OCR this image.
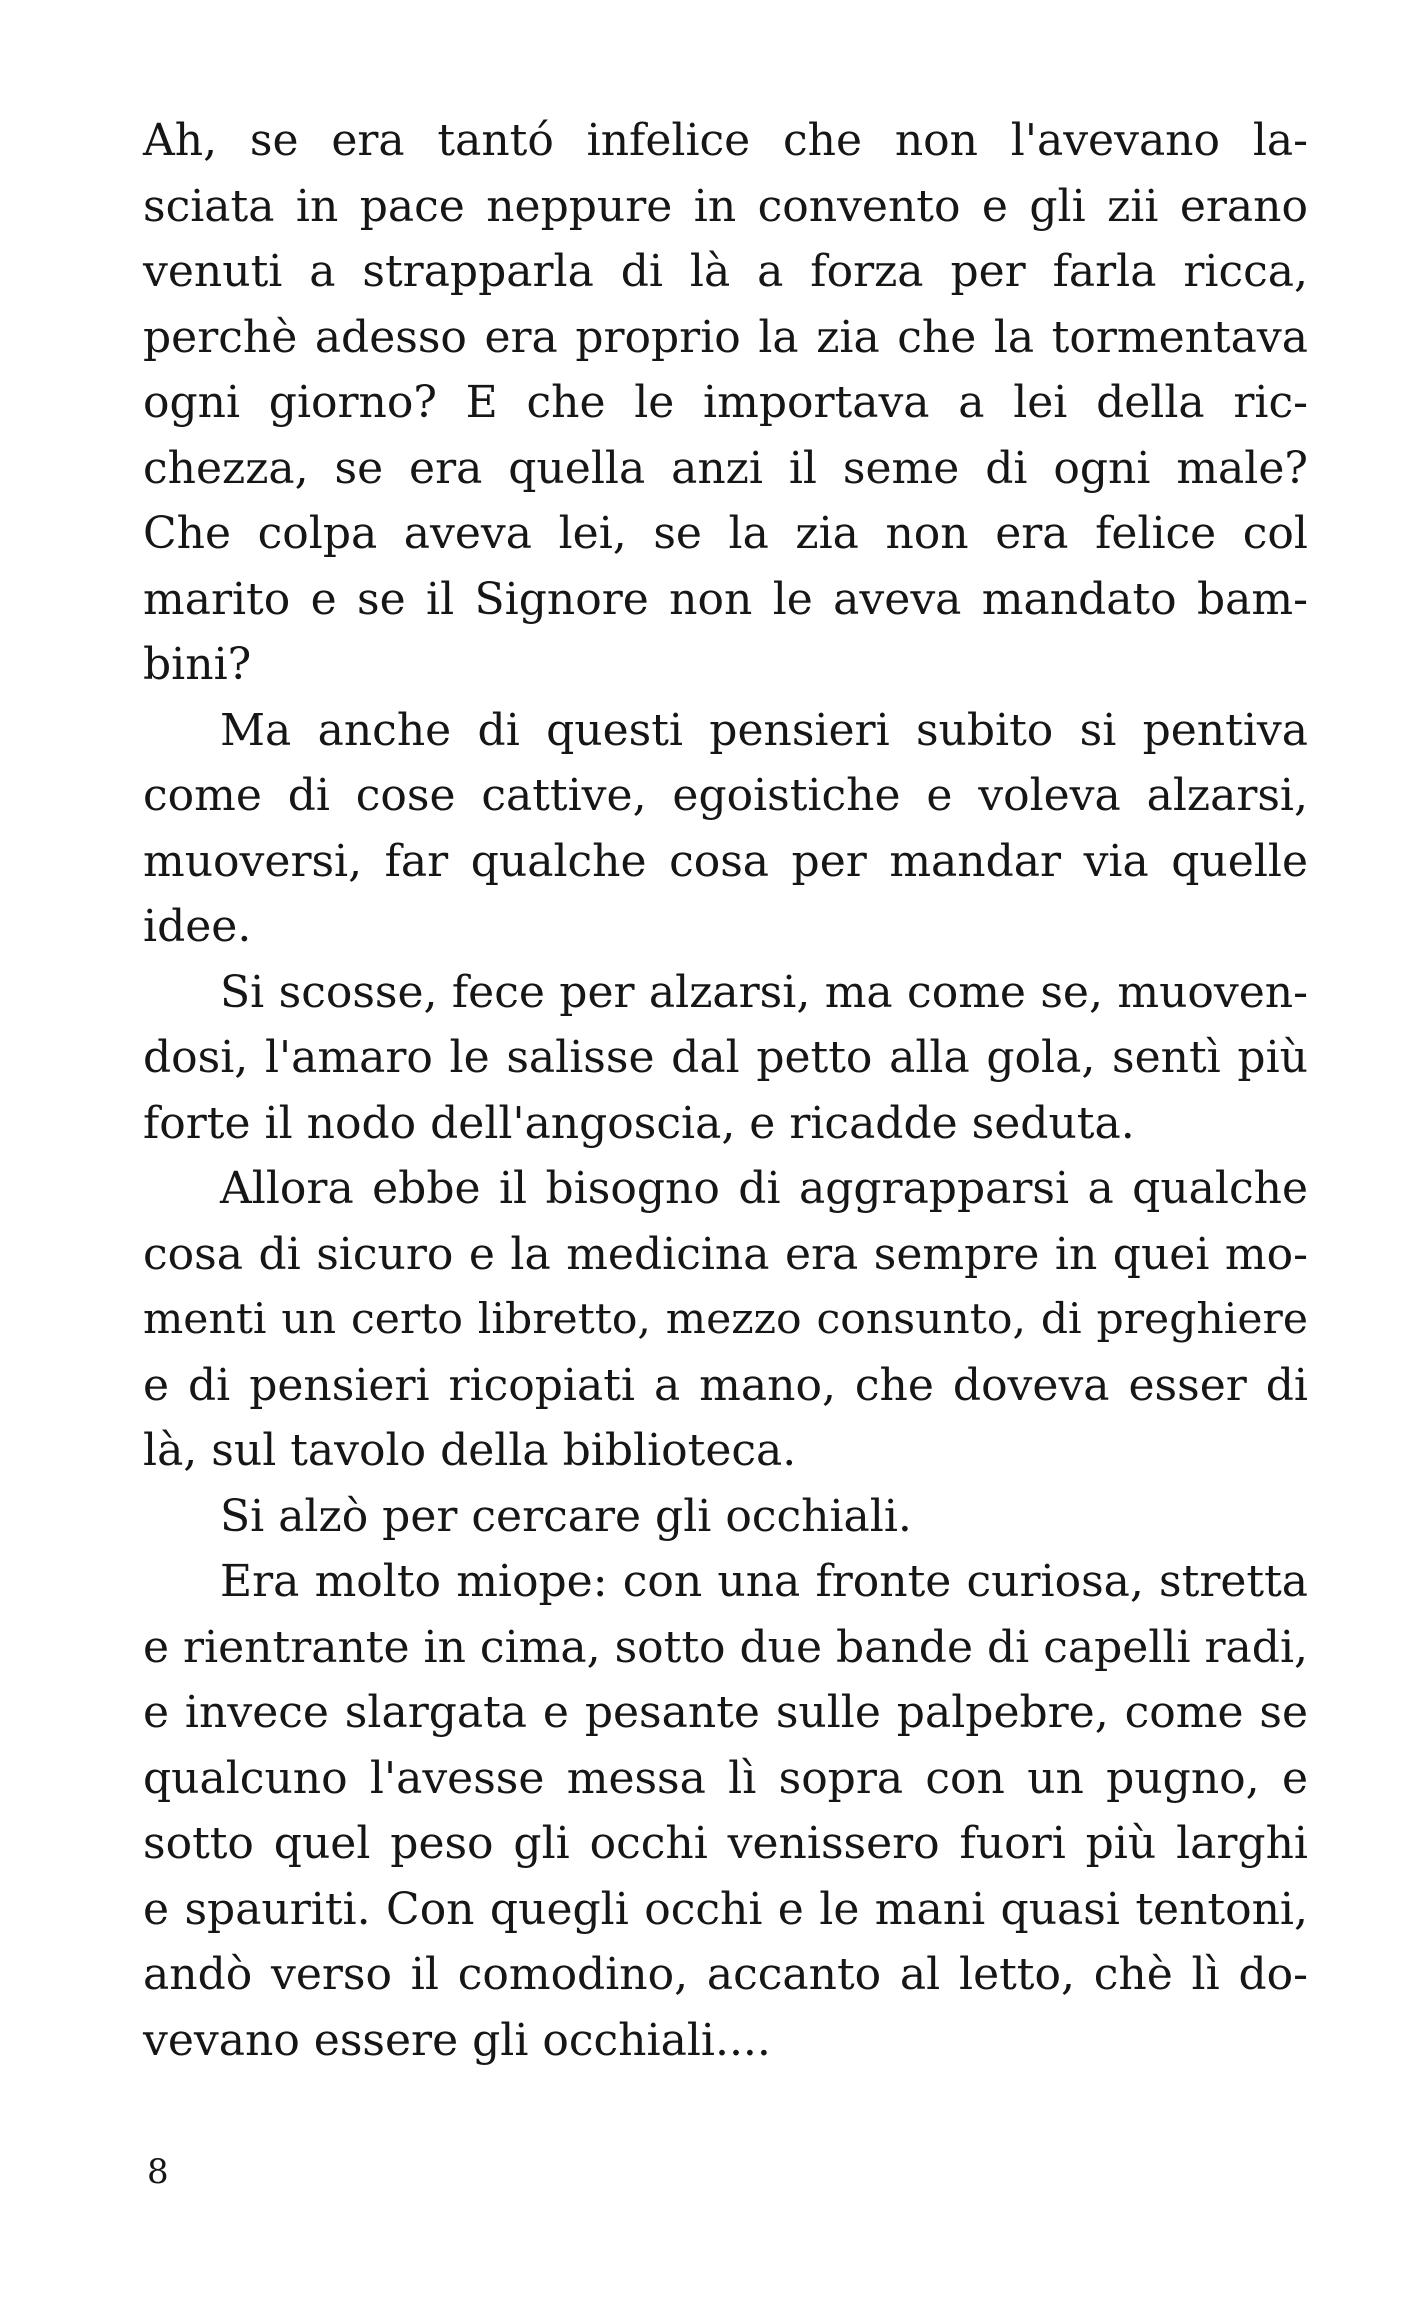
Ah, se era tantó infelice che non l'avevano la-
sciata in pace neppure in convento e gli zii erano
venuti a strapparla di là a forza per farla ricca,
perchè adesso era proprio la zia che la tormentava
ogni giorno? E che le importava a lei della ric-
chezza, se era quella anzi il seme di ogni male?
Che colpa aveva lei, se la zia non era felice col
marito e se il Signore non le aveva mandato bam-
bini?
Ma anche di questi pensieri subito si pentiva
come di cose cattive, egoistiche e voleva alzarsi,
muoversi, far qualche cosa per mandar via quelle
idee.
Si scosse, fece per alzarsi, ma come se, muoven-
dosi, l'amaro le salisse dal petto alla gola, sentì più
forte il nodo dell'angoscia, e ricadde seduta.
Allora ebbe il bisogno di aggrapparsi a qualche
cosa di sicuro e la medicina era sempre in quei mo-
menti un certo libretto, mezzo consunto, di preghiere
e di pensieri ricopiati a mano, che doveva esser di
là, sul tavolo della biblioteca.
Si alzò per cercare gli occhiali.
Era molto miope: con una fronte curiosa, stretta
e rientrante in cima, sotto due bande di capelli radi,
e invece slargata e pesante sulle palpebre, come se
qualcuno l'avesse messa lì sopra con un pugno, e
sotto quel peso gli occhi venissero fuori più larghi
e spauriti. Con quegli occhi e le mani quasi tentoni,
andò verso il comodino, accanto al letto, chè lì do-
vevano essere gli occhiali....
8
